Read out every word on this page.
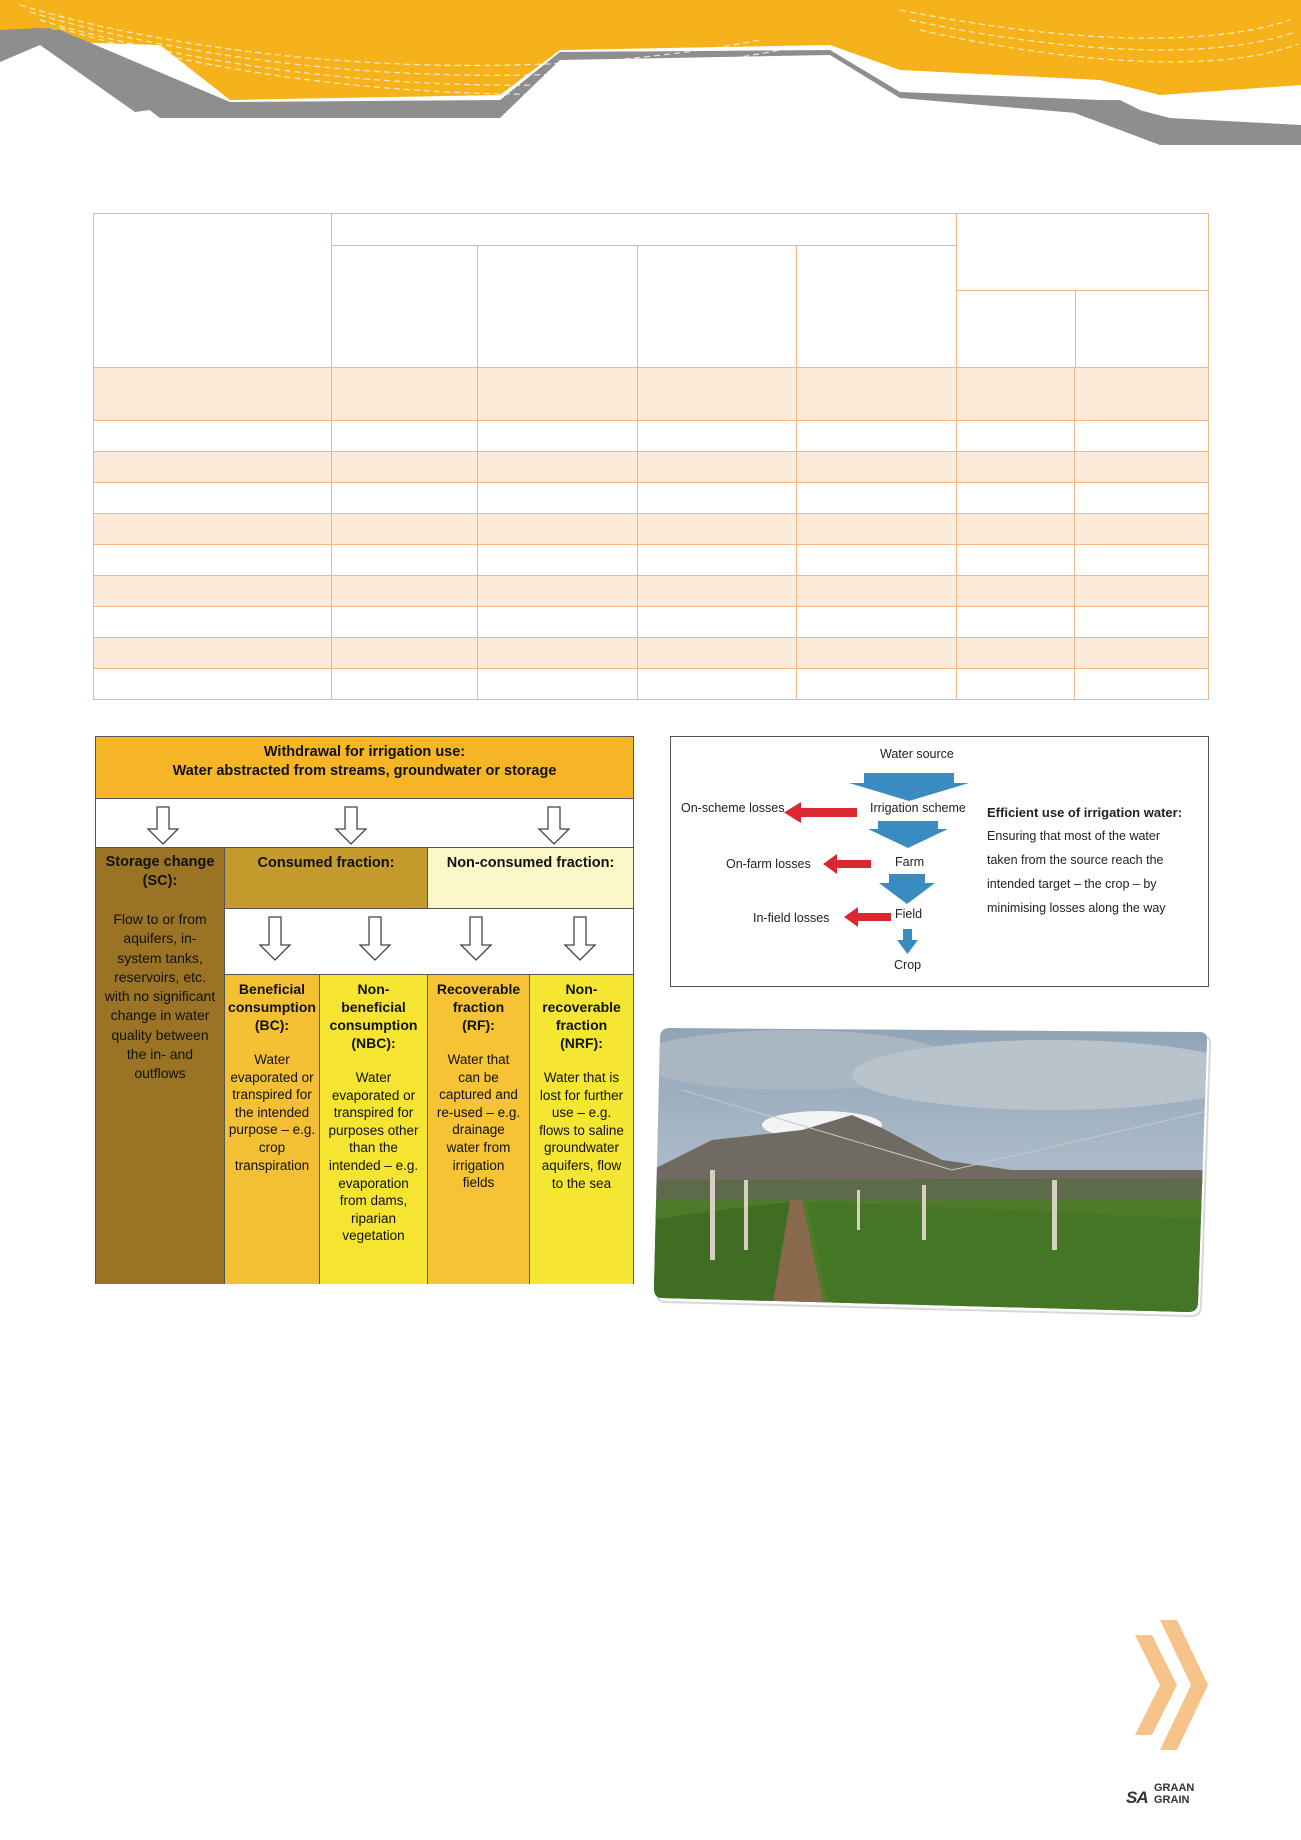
Withdrawal for irrigation use:
Water abstracted from streams, groundwater or storage
Storage change (SC):
Flow to or from aquifers, in-system tanks, reservoirs, etc. with no significant change in water quality between the in- and outflows
Consumed fraction:	Non-consumed fraction:
Beneficial consumption (BC):
Water evaporated or transpired for the intended purpose – e.g. crop transpiration
Non-beneficial consumption (NBC):
Water evaporated or transpired for purposes other than the intended – e.g. evaporation from dams, riparian vegetation
Recoverable fraction (RF):
Water that can be captured and re-used – e.g. drainage water from irrigation fields
Non-recoverable fraction (NRF):
Water that is lost for further use – e.g. flows to saline groundwater aquifers, flow to the sea
Water source
Irrigation scheme
Farm
Field
Crop
On-scheme losses
On-farm losses
In-field losses
Efficient use of irrigation water:
Ensuring that most of the water
taken from the source reach the
intended target – the crop – by
minimising losses along the way
SA GRAAN
GRAIN
